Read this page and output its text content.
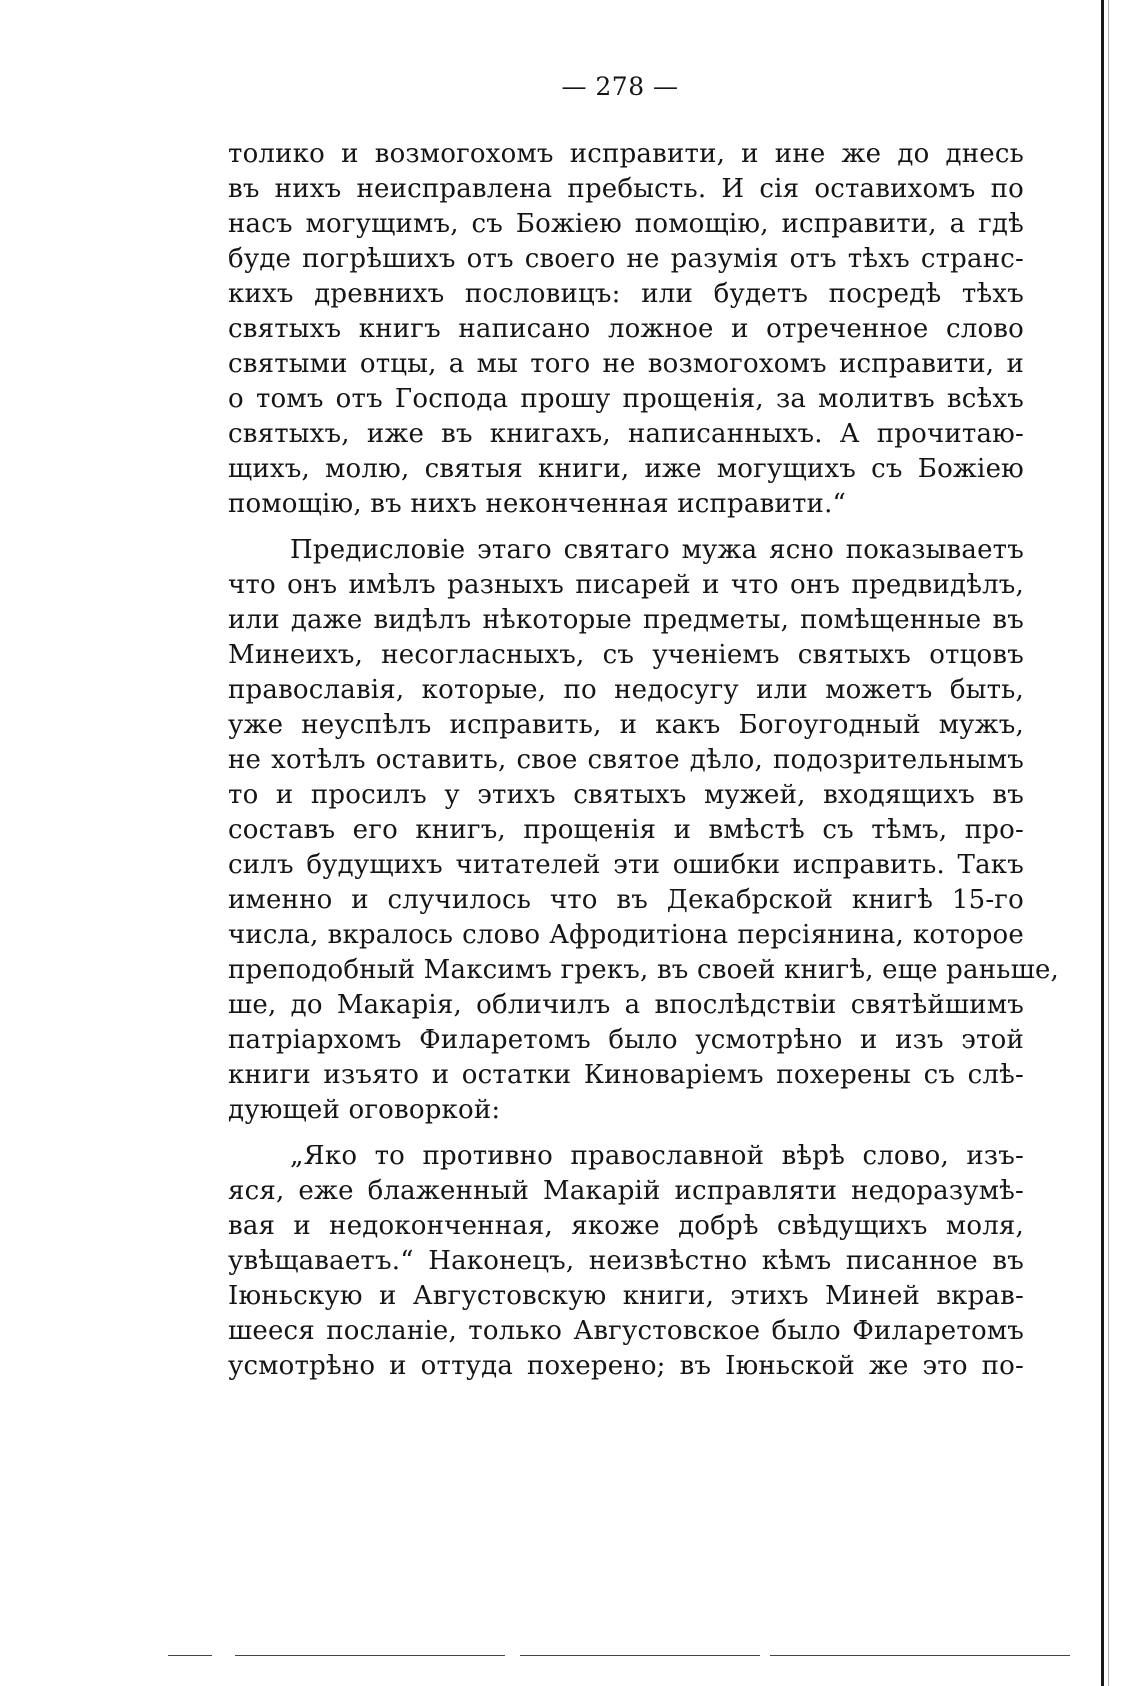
— 278 —
толико и возмогохомъ исправити, и ине же до днесь
въ нихъ неисправлена пребысть. И сія оставихомъ по
насъ могущимъ, съ Божіею помощію, исправити, а гдѣ
буде погрѣшихъ отъ своего не разумія отъ тѣхъ странс-
кихъ древнихъ пословицъ: или будетъ посредѣ тѣхъ
святыхъ книгъ написано ложное и отреченное слово
святыми отцы, а мы того не возмогохомъ исправити, и
о томъ отъ Господа прошу прощенія, за молитвъ всѣхъ
святыхъ, иже въ книгахъ, написанныхъ. А прочитаю-
щихъ, молю, святыя книги, иже могущихъ съ Божіею
помощію, въ нихъ неконченная исправити.“
Предисловіе этаго святаго мужа ясно показываетъ
что онъ имѣлъ разныхъ писарей и что онъ предвидѣлъ,
или даже видѣлъ нѣкоторые предметы, помѣщенные въ
Минеихъ, несогласныхъ, съ ученіемъ святыхъ отцовъ
православія, которые, по недосугу или можетъ быть,
уже неуспѣлъ исправить, и какъ Богоугодный мужъ,
не хотѣлъ оставить, свое святое дѣло, подозрительнымъ
то и просилъ у этихъ святыхъ мужей, входящихъ въ
составъ его книгъ, прощенія и вмѣстѣ съ тѣмъ, про-
силъ будущихъ читателей эти ошибки исправить. Такъ
именно и случилось что въ Декабрской книгѣ 15-го
числа, вкралось слово Афродитіона персіянина, которое
преподобный Максимъ грекъ, въ своей книгѣ, еще раньше,
ше, до Макарія, обличилъ а впослѣдствіи святѣйшимъ
патріархомъ Филаретомъ было усмотрѣно и изъ этой
книги изъято и остатки Киноваріемъ похерены съ слѣ-
дующей оговоркой:
„Яко то противно православной вѣрѣ слово, изъ-
яся, еже блаженный Макарій исправляти недоразумѣ-
вая и недоконченная, якоже добрѣ свѣдущихъ моля,
увѣщаваетъ.“ Наконецъ, неизвѣстно кѣмъ писанное въ
Іюньскую и Августовскую книги, этихъ Миней вкрав-
шееся посланіе, только Августовское было Филаретомъ
усмотрѣно и оттуда похерено; въ Іюньской же это по-
